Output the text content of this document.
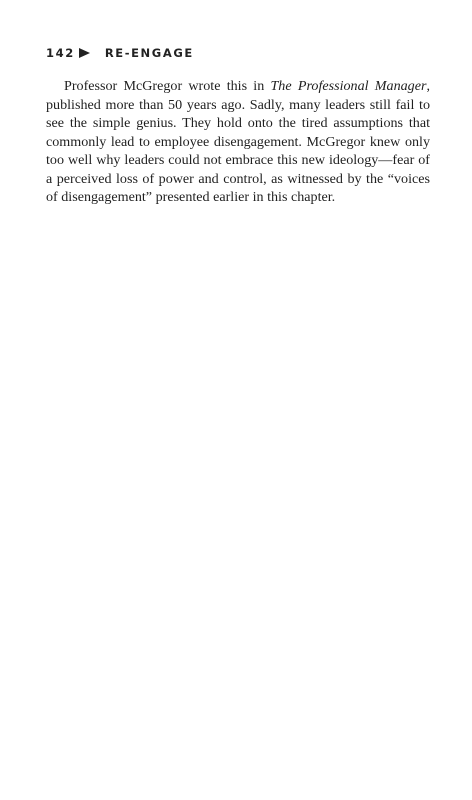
142	RE-ENGAGE

Professor McGregor wrote this in The Professional Manager, published more than 50 years ago. Sadly, many leaders still fail to see the simple genius. They hold onto the tired assumptions that commonly lead to employee disengagement. McGregor knew only too well why leaders could not embrace this new ideology—fear of a perceived loss of power and control, as witnessed by the “voices of disengagement” presented earlier in this chapter.
